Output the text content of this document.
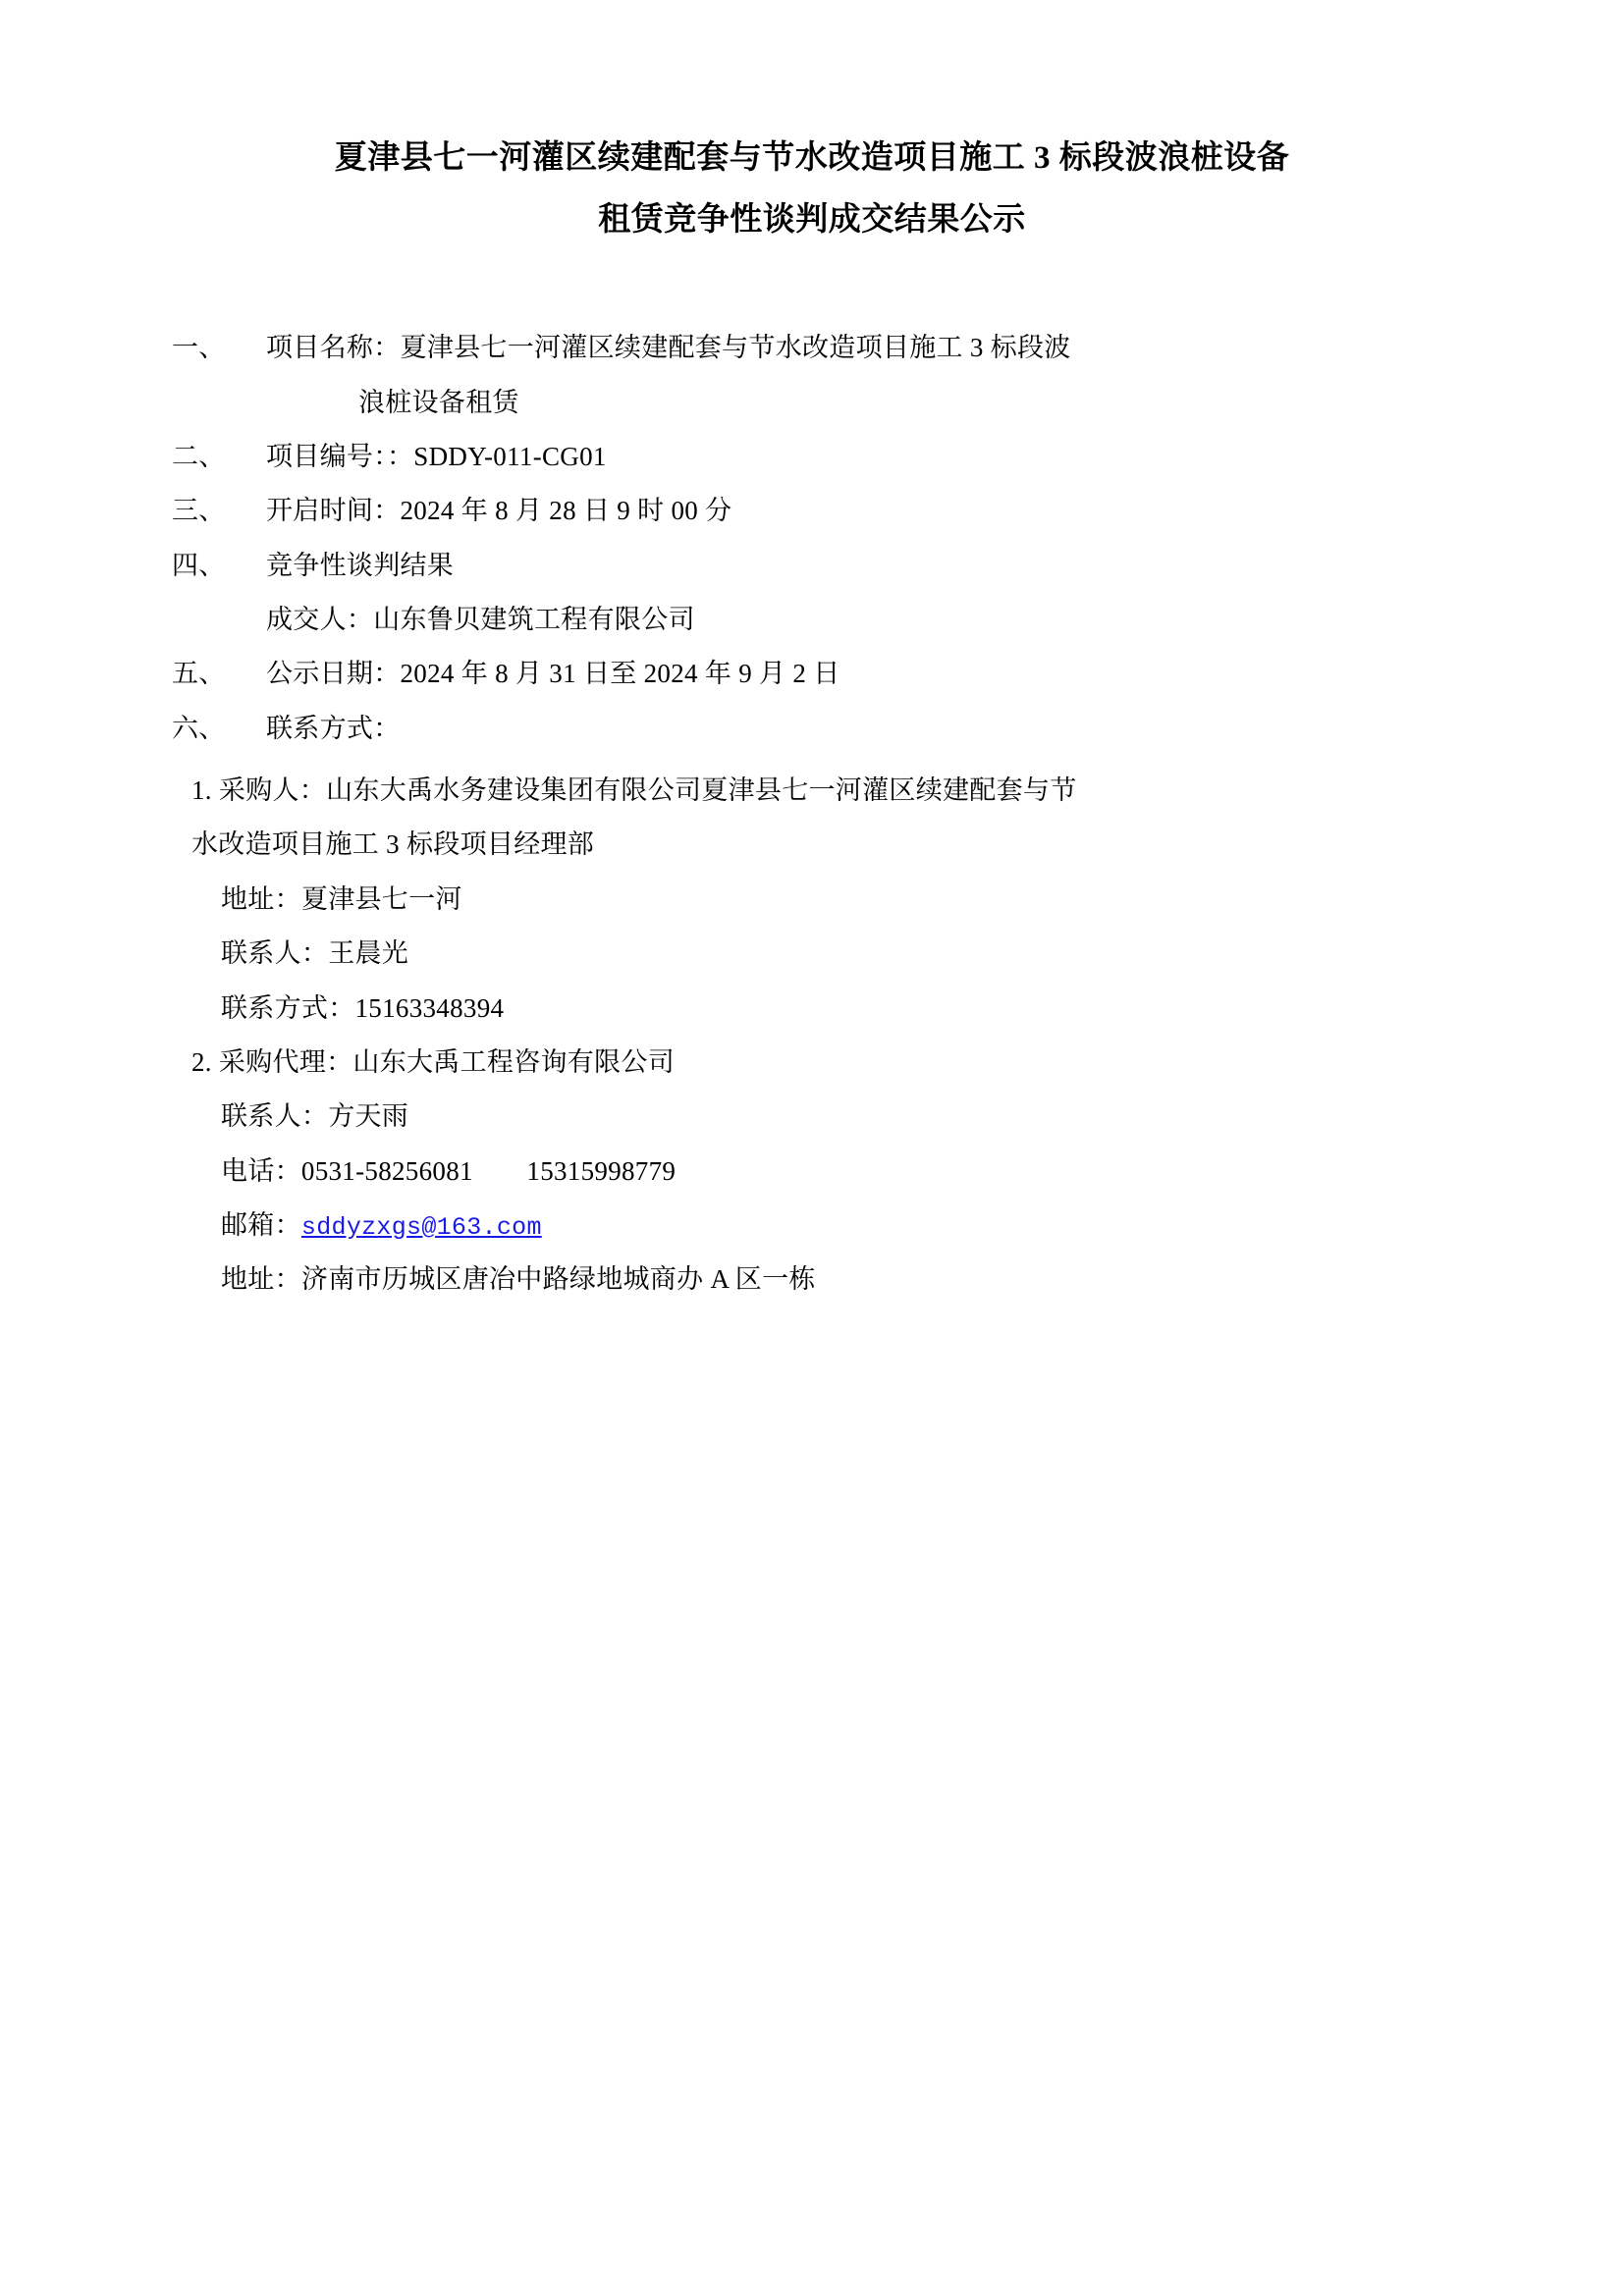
夏津县七一河灌区续建配套与节水改造项目施工 3 标段波浪桩设备
租赁竞争性谈判成交结果公示
一、	项目名称：夏津县七一河灌区续建配套与节水改造项目施工 3 标段波
浪桩设备租赁
二、	项目编号：：SDDY-011-CG01
三、	开启时间：2024 年 8 月 28 日 9 时 00 分
四、	竞争性谈判结果
成交人：山东鲁贝建筑工程有限公司
五、	公示日期：2024 年 8 月 31 日至 2024 年 9 月 2 日
六、	联系方式：
1. 采购人：山东大禹水务建设集团有限公司夏津县七一河灌区续建配套与节
水改造项目施工 3 标段项目经理部
地址：夏津县七一河
联系人：王晨光
联系方式：15163348394
2. 采购代理：山东大禹工程咨询有限公司
联系人：方天雨
电话：0531-58256081　　15315998779
邮箱：sddyzxgs@163.com
地址：济南市历城区唐冶中路绿地城商办 A 区一栋
